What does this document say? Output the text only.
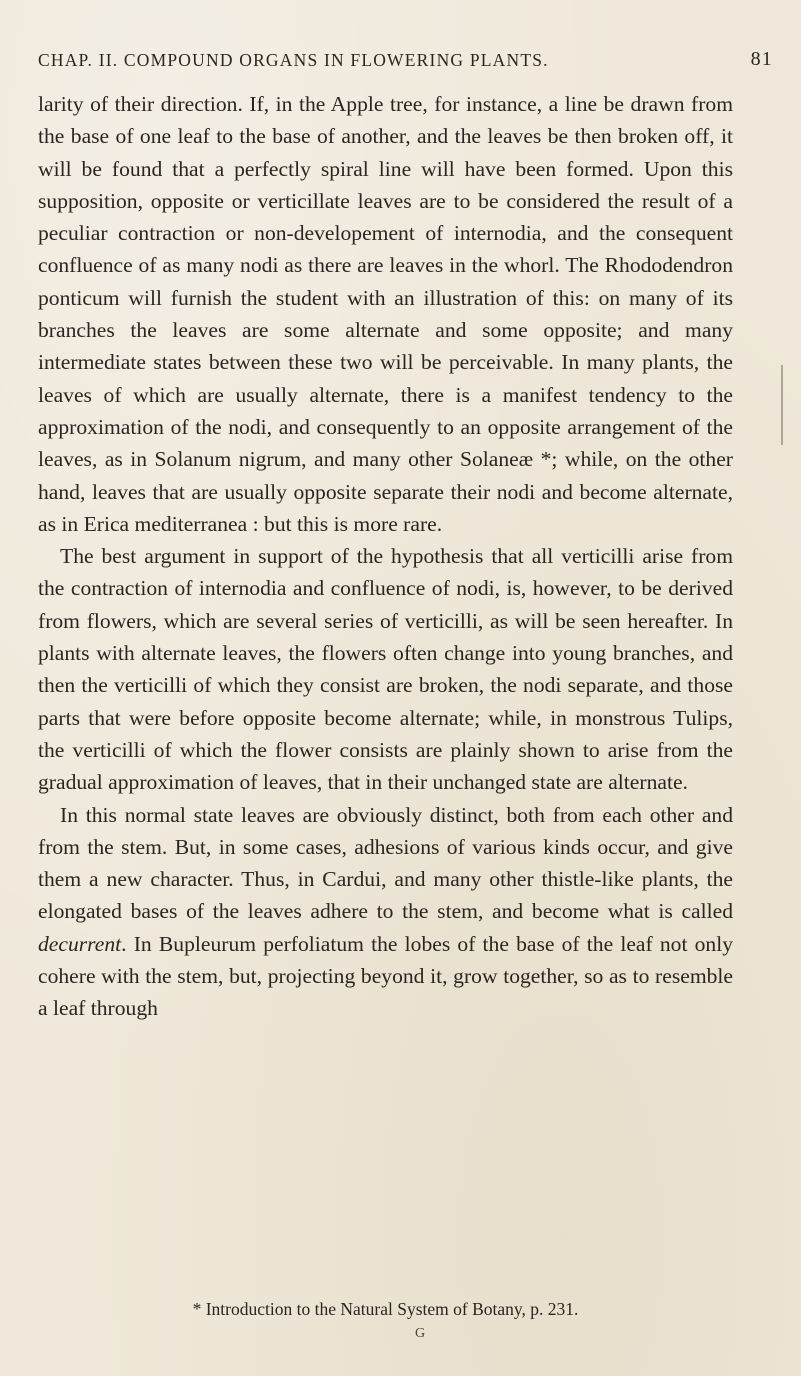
CHAP. II. COMPOUND ORGANS IN FLOWERING PLANTS.	81

larity of their direction. If, in the Apple tree, for instance, a line be drawn from the base of one leaf to the base of another, and the leaves be then broken off, it will be found that a perfectly spiral line will have been formed. Upon this supposition, opposite or verticillate leaves are to be considered the result of a peculiar contraction or non-developement of internodia, and the consequent confluence of as many nodi as there are leaves in the whorl. The Rhododendron ponticum will furnish the student with an illustration of this: on many of its branches the leaves are some alternate and some opposite; and many intermediate states between these two will be perceivable. In many plants, the leaves of which are usually alternate, there is a manifest tendency to the approximation of the nodi, and consequently to an opposite arrangement of the leaves, as in Solanum nigrum, and many other Solaneæ *; while, on the other hand, leaves that are usually opposite separate their nodi and become alternate, as in Erica mediterranea : but this is more rare.

The best argument in support of the hypothesis that all verticilli arise from the contraction of internodia and confluence of nodi, is, however, to be derived from flowers, which are several series of verticilli, as will be seen hereafter. In plants with alternate leaves, the flowers often change into young branches, and then the verticilli of which they consist are broken, the nodi separate, and those parts that were before opposite become alternate; while, in monstrous Tulips, the verticilli of which the flower consists are plainly shown to arise from the gradual approximation of leaves, that in their unchanged state are alternate.

In this normal state leaves are obviously distinct, both from each other and from the stem. But, in some cases, adhesions of various kinds occur, and give them a new character. Thus, in Cardui, and many other thistle-like plants, the elongated bases of the leaves adhere to the stem, and become what is called decurrent. In Bupleurum perfoliatum the lobes of the base of the leaf not only cohere with the stem, but, projecting beyond it, grow together, so as to resemble a leaf through

* Introduction to the Natural System of Botany, p. 231.
G
